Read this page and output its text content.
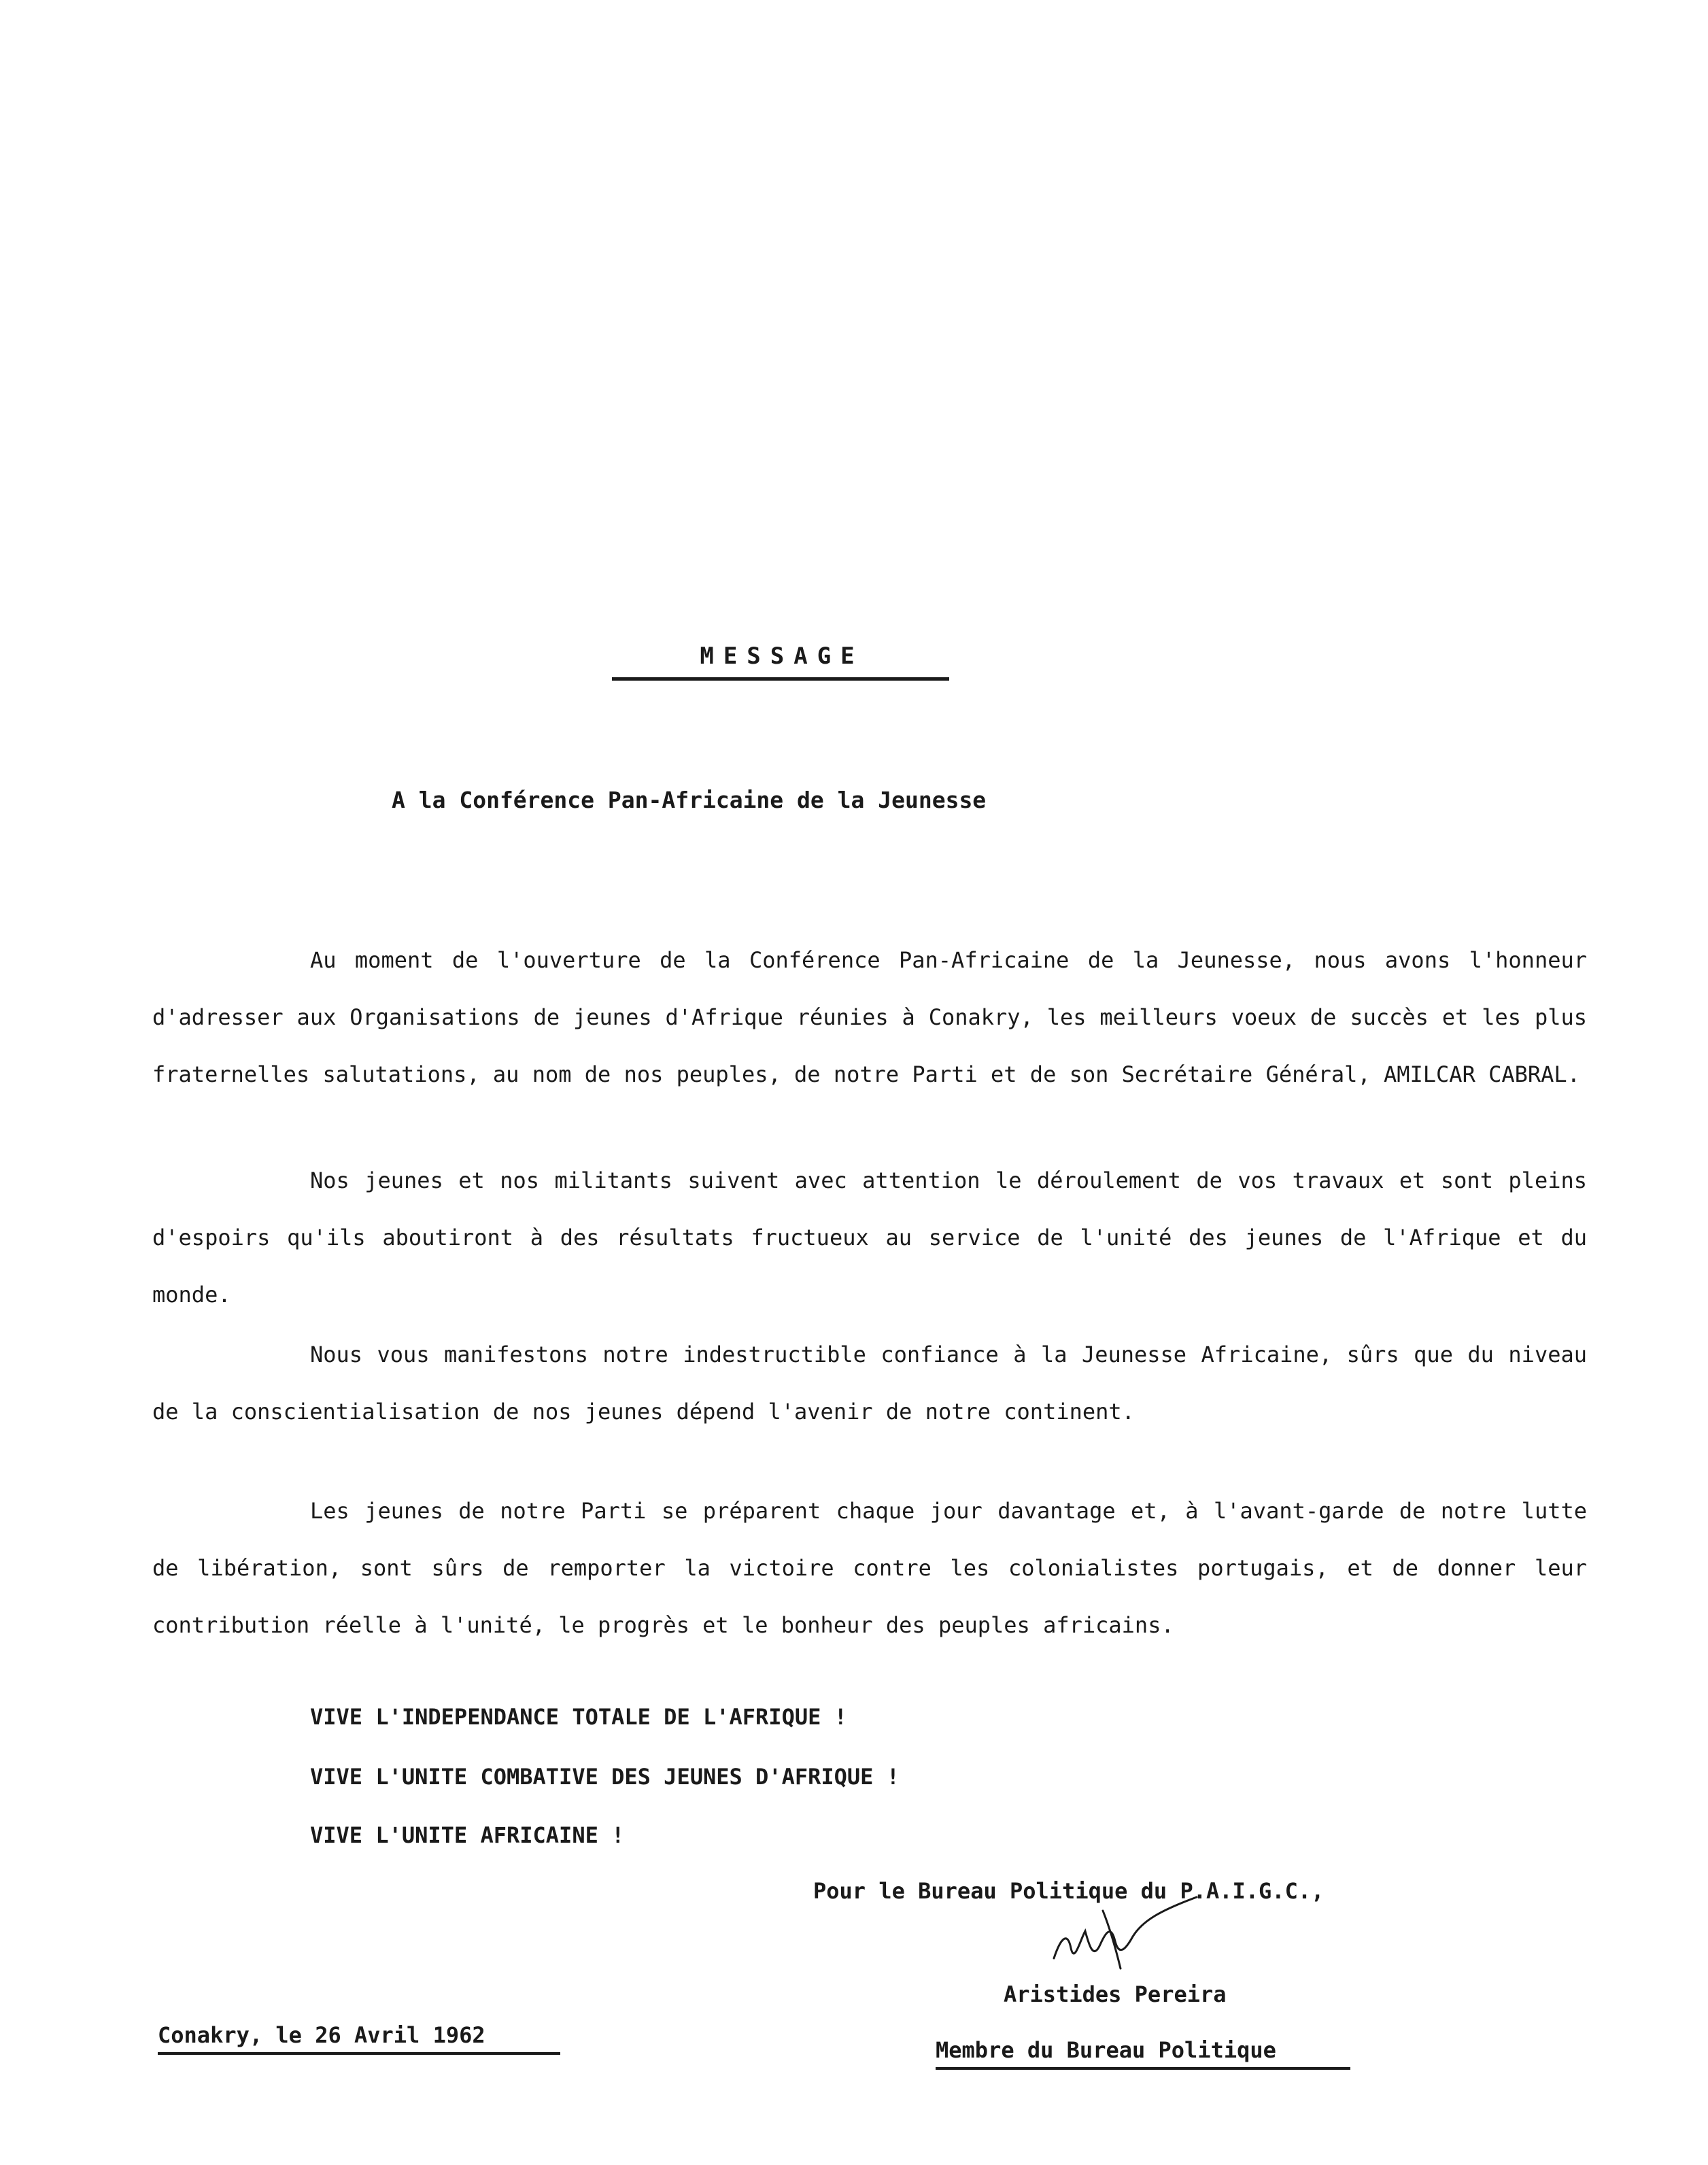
MESSAGE
A la Conférence Pan-Africaine de la Jeunesse
Au moment de l'ouverture de la Conférence Pan-Africaine de la Jeunesse, nous avons l'honneur d'adresser aux Organisations de jeunes d'Afrique réunies à Conakry, les meilleurs voeux de succès et les plus fraternelles salutations, au nom de nos peuples, de notre Parti et de son Secrétaire Général, AMILCAR CABRAL.
Nos jeunes et nos militants suivent avec attention le déroulement de vos travaux et sont pleins d'espoirs qu'ils aboutiront à des résultats fructueux au service de l'unité des jeunes de l'Afrique et du monde.
Nous vous manifestons notre indestructible confiance à la Jeunesse Africaine, sûrs que du niveau de la conscientialisation de nos jeunes dépend l'avenir de notre continent.
Les jeunes de notre Parti se préparent chaque jour davantage et, à l'avant-garde de notre lutte de libération, sont sûrs de remporter la victoire contre les colonialistes portugais, et de donner leur contribution réelle à l'unité, le progrès et le bonheur des peuples africains.
VIVE L'INDEPENDANCE TOTALE DE L'AFRIQUE !
VIVE L'UNITE COMBATIVE DES JEUNES D'AFRIQUE !
VIVE L'UNITE AFRICAINE !
Pour le Bureau Politique du P.A.I.G.C.,
Aristides Pereira
Membre du Bureau Politique
Conakry, le 26 Avril 1962
